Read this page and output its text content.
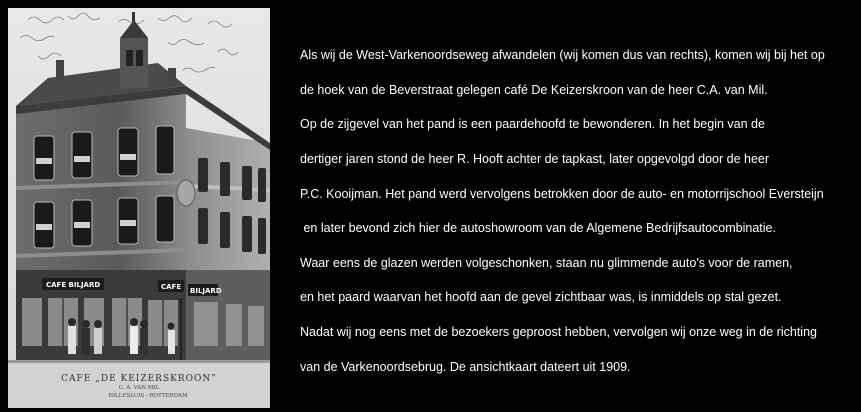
CAFE BILJARD	CAFE BILJARD
CAFE „DE KEIZERSKROON”
C. A. VAN MIL
HILLESLUIS - ROTTERDAM

Als wij de West-Varkenoordseweg afwandelen (wij komen dus van rechts), komen wij bij het op

de hoek van de Beverstraat gelegen café De Keizerskroon van de heer C.A. van Mil.

Op de zijgevel van het pand is een paardehoofd te bewonderen. In het begin van de

dertiger jaren stond de heer R. Hooft achter de tapkast, later opgevolgd door de heer

P.C. Kooijman. Het pand werd vervolgens betrokken door de auto- en motorrijschool Eversteijn

en later bevond zich hier de autoshowroom van de Algemene Bedrijfsautocombinatie.

Waar eens de glazen werden volgeschonken, staan nu glimmende auto's voor de ramen,

en het paard waarvan het hoofd aan de gevel zichtbaar was, is inmiddels op stal gezet.

Nadat wij nog eens met de bezoekers geproost hebben, vervolgen wij onze weg in de richting

van de Varkenoordsebrug. De ansichtkaart dateert uit 1909.
